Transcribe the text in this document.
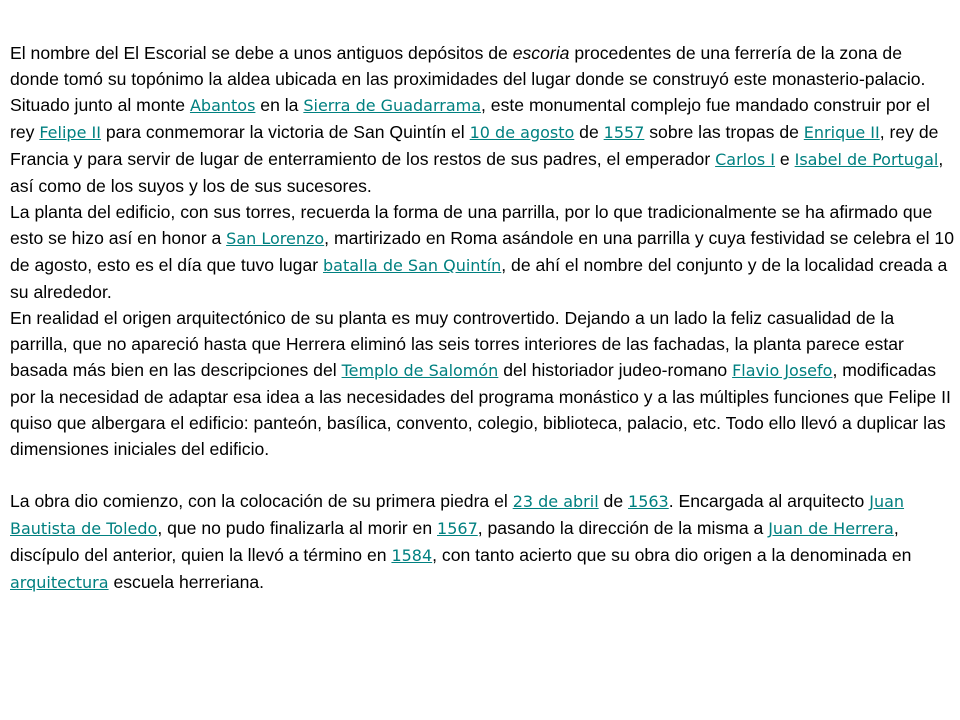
El nombre del El Escorial se debe a unos antiguos depósitos de escoria procedentes de una ferrería de la zona de donde tomó su topónimo la aldea ubicada en las proximidades del lugar donde se construyó este monasterio-palacio.

Situado junto al monte Abantos en la Sierra de Guadarrama, este monumental complejo fue mandado construir por el rey Felipe II para conmemorar la victoria de San Quintín el 10 de agosto de 1557 sobre las tropas de Enrique II, rey de Francia y para servir de lugar de enterramiento de los restos de sus padres, el emperador Carlos I e Isabel de Portugal, así como de los suyos y los de sus sucesores.

La planta del edificio, con sus torres, recuerda la forma de una parrilla, por lo que tradicionalmente se ha afirmado que esto se hizo así en honor a San Lorenzo, martirizado en Roma asándole en una parrilla y cuya festividad se celebra el 10 de agosto, esto es el día que tuvo lugar batalla de San Quintín, de ahí el nombre del conjunto y de la localidad creada a su alrededor.

En realidad el origen arquitectónico de su planta es muy controvertido. Dejando a un lado la feliz casualidad de la parrilla, que no apareció hasta que Herrera eliminó las seis torres interiores de las fachadas, la planta parece estar basada más bien en las descripciones del Templo de Salomón del historiador judeo-romano Flavio Josefo, modificadas por la necesidad de adaptar esa idea a las necesidades del programa monástico y a las múltiples funciones que Felipe II quiso que albergara el edificio: panteón, basílica, convento, colegio, biblioteca, palacio, etc. Todo ello llevó a duplicar las dimensiones iniciales del edificio.

La obra dio comienzo, con la colocación de su primera piedra el 23 de abril de 1563. Encargada al arquitecto Juan Bautista de Toledo, que no pudo finalizarla al morir en 1567, pasando la dirección de la misma a Juan de Herrera, discípulo del anterior, quien la llevó a término en 1584, con tanto acierto que su obra dio origen a la denominada en arquitectura escuela herreriana.
